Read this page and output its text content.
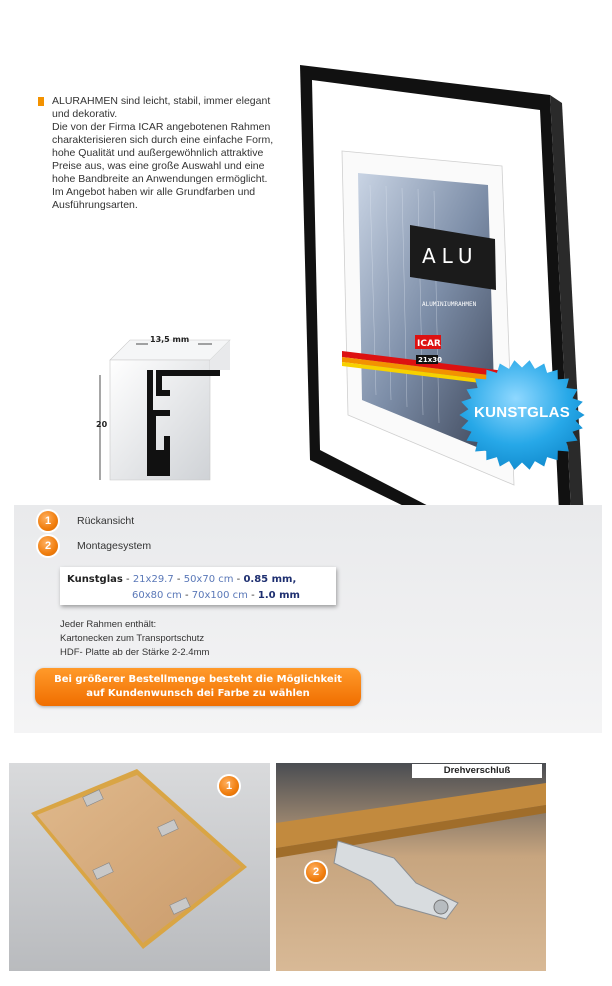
ALURAHMEN sind leicht, stabil, immer elegant

und dekorativ.

Die von der Firma ICAR angebotenen Rahmen

charakterisieren sich durch eine einfache Form,

hohe Qualität und außergewöhnlich attraktive

Preise aus, was eine große Auswahl und eine

hohe Bandbreite an Anwendungen ermöglicht.

Im Angebot haben wir alle Grundfarben und

Ausführungsarten.

13,5 mm
20
ALU
ALUMINIUMRAHMEN
ICAR
21x30
KUNSTGLAS
1	Rückansicht
2	Montagesystem
Kunstglas - 21x29.7 - 50x70 cm - 0.85 mm,
60x80 cm - 70x100 cm - 1.0 mm
Jeder Rahmen enthält:
Kartonecken zum Transportschutz
HDF- Platte ab der Stärke 2-2.4mm
Bei größerer Bestellmenge besteht die Möglichkeit
auf Kundenwunsch dei Farbe zu wählen
1
Drehverschluß
2
